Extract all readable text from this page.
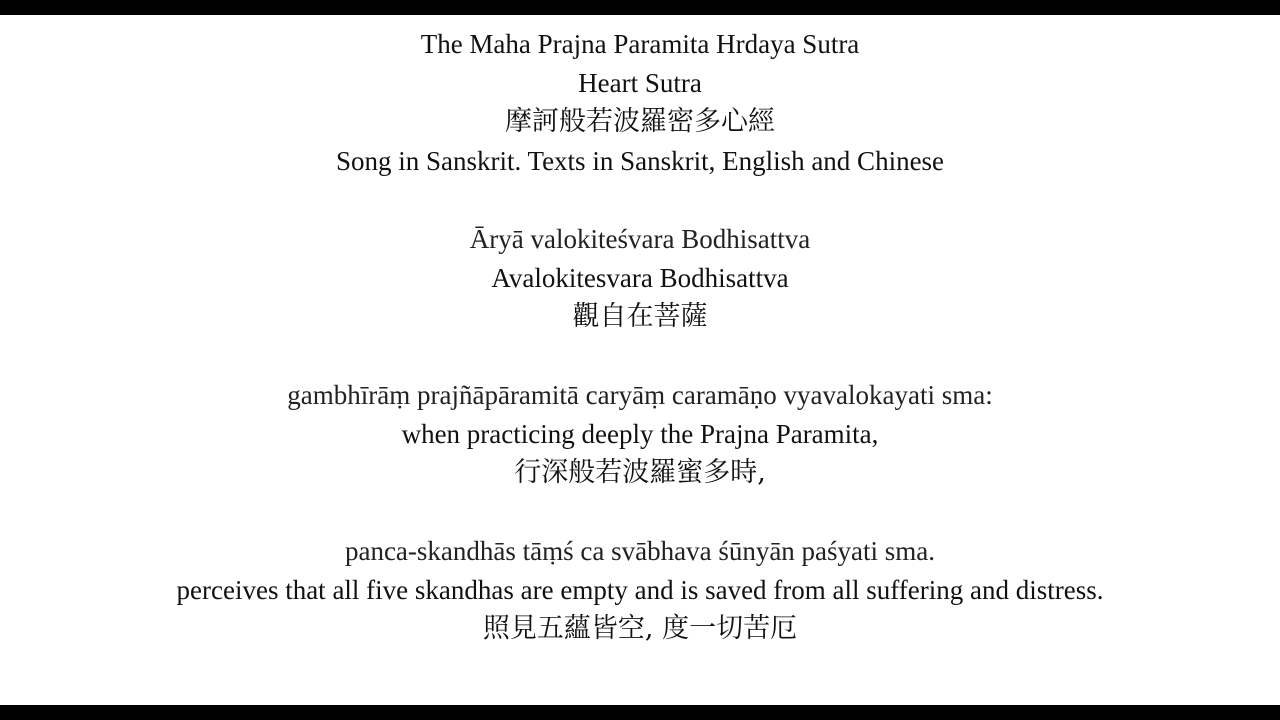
The Maha Prajna Paramita Hrdaya Sutra
Heart Sutra
摩訶般若波羅密多心經
Song in Sanskrit. Texts in Sanskrit, English and Chinese
Āryā valokiteśvara Bodhisattva
Avalokitesvara Bodhisattva
觀自在菩薩
gambhīrāṃ prajñāpāramitā caryāṃ caramāṇo vyavalokayati sma:
when practicing deeply the Prajna Paramita,
行深般若波羅蜜多時,
panca-skandhās tāṃś ca svābhava śūnyān paśyati sma.
perceives that all five skandhas are empty and is saved from all suffering and distress.
照見五蘊皆空, 度一切苦厄
